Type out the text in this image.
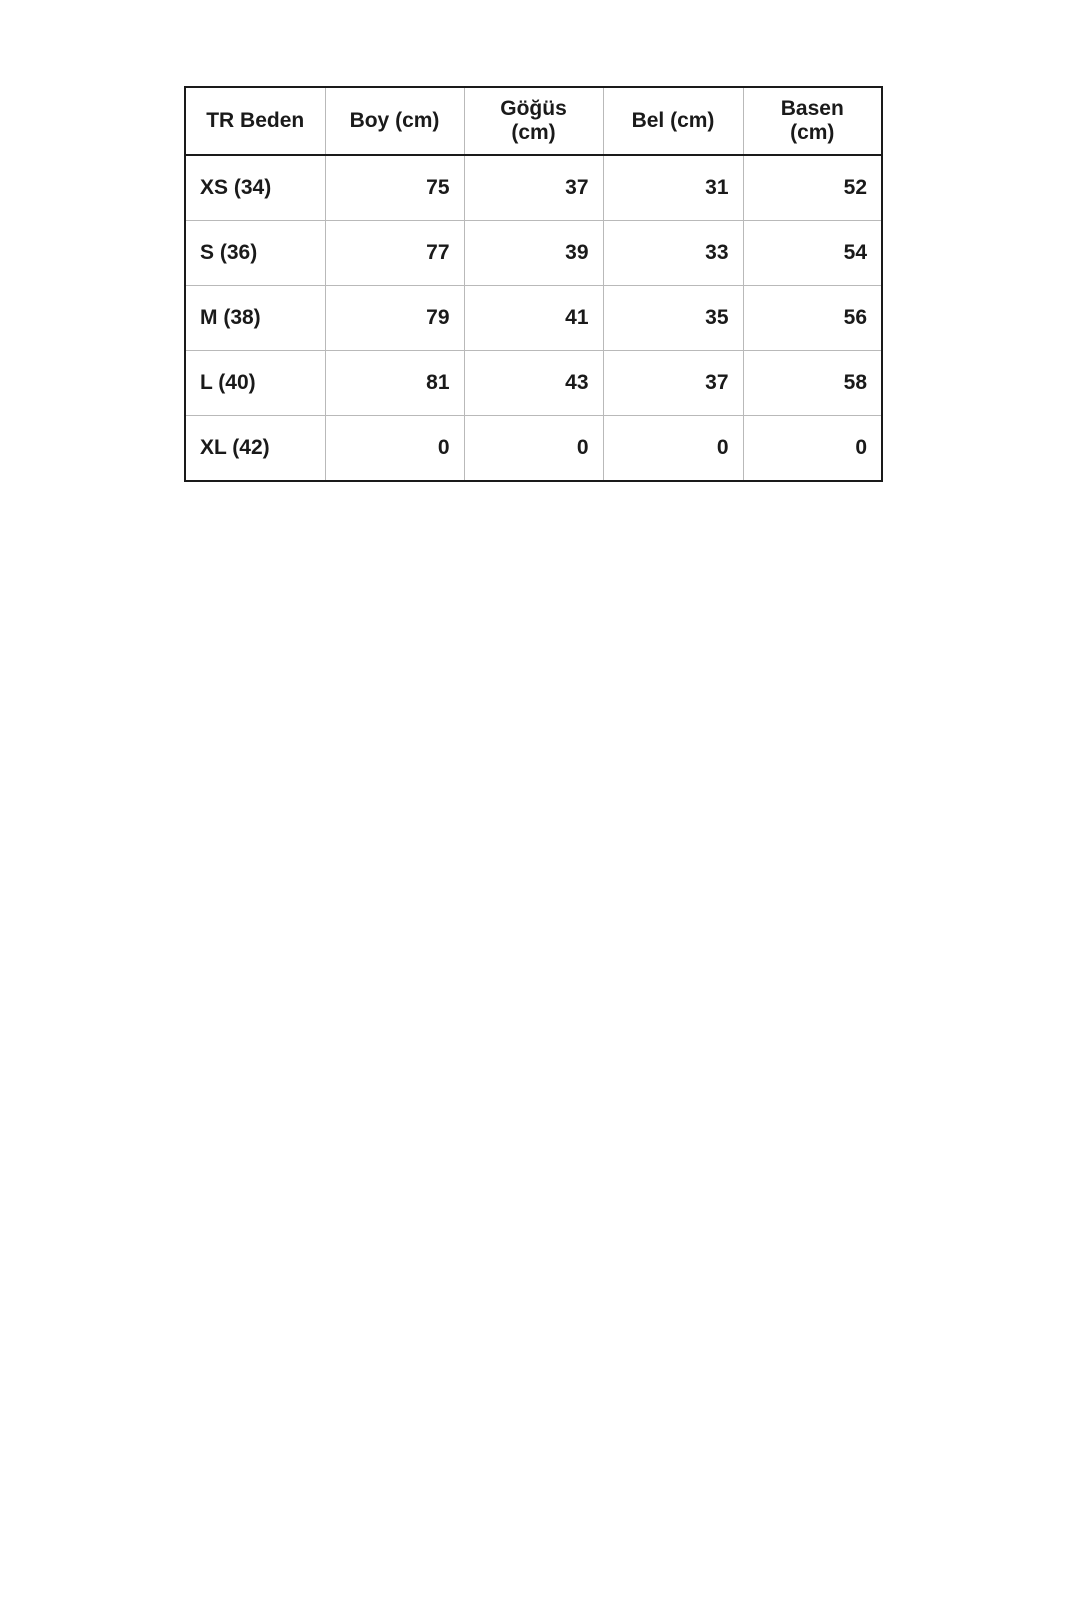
TR Beden	Boy (cm)	Göğüs (cm)	Bel (cm)	Basen (cm)
XS (34)	75	37	31	52
S (36)	77	39	33	54
M (38)	79	41	35	56
L (40)	81	43	37	58
XL (42)	0	0	0	0
